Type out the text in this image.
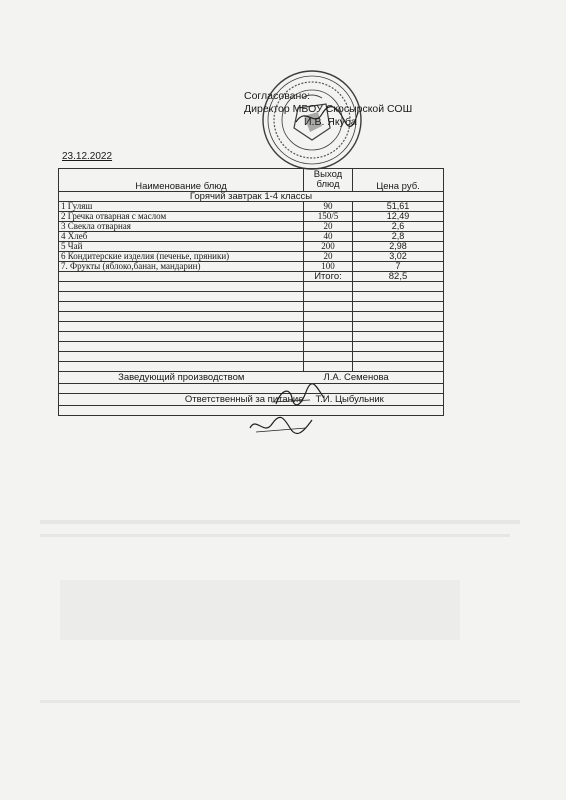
Согласовано:
Директор МБОУ Скосырской СОШ
И.В. Якуба
23.12.2022
Наименование блюд	Выход блюд	Цена руб.
Горячий завтрак 1-4 классы		
1 Гуляш	90	51,61
2 Гречка отварная с маслом	150/5	12,49
3 Свекла отварная	20	2,6
4 Хлеб	40	2,8
5 Чай	200	2,98
6 Кондитерские изделия (печенье, пряники)	20	3,02
7. Фрукты (яблоко,банан, мандарин)	100	7
	Итого:	82,5

Заведующий производством	Л.А. Семенова	

Ответственный за питание	Т.И. Цыбульник	
